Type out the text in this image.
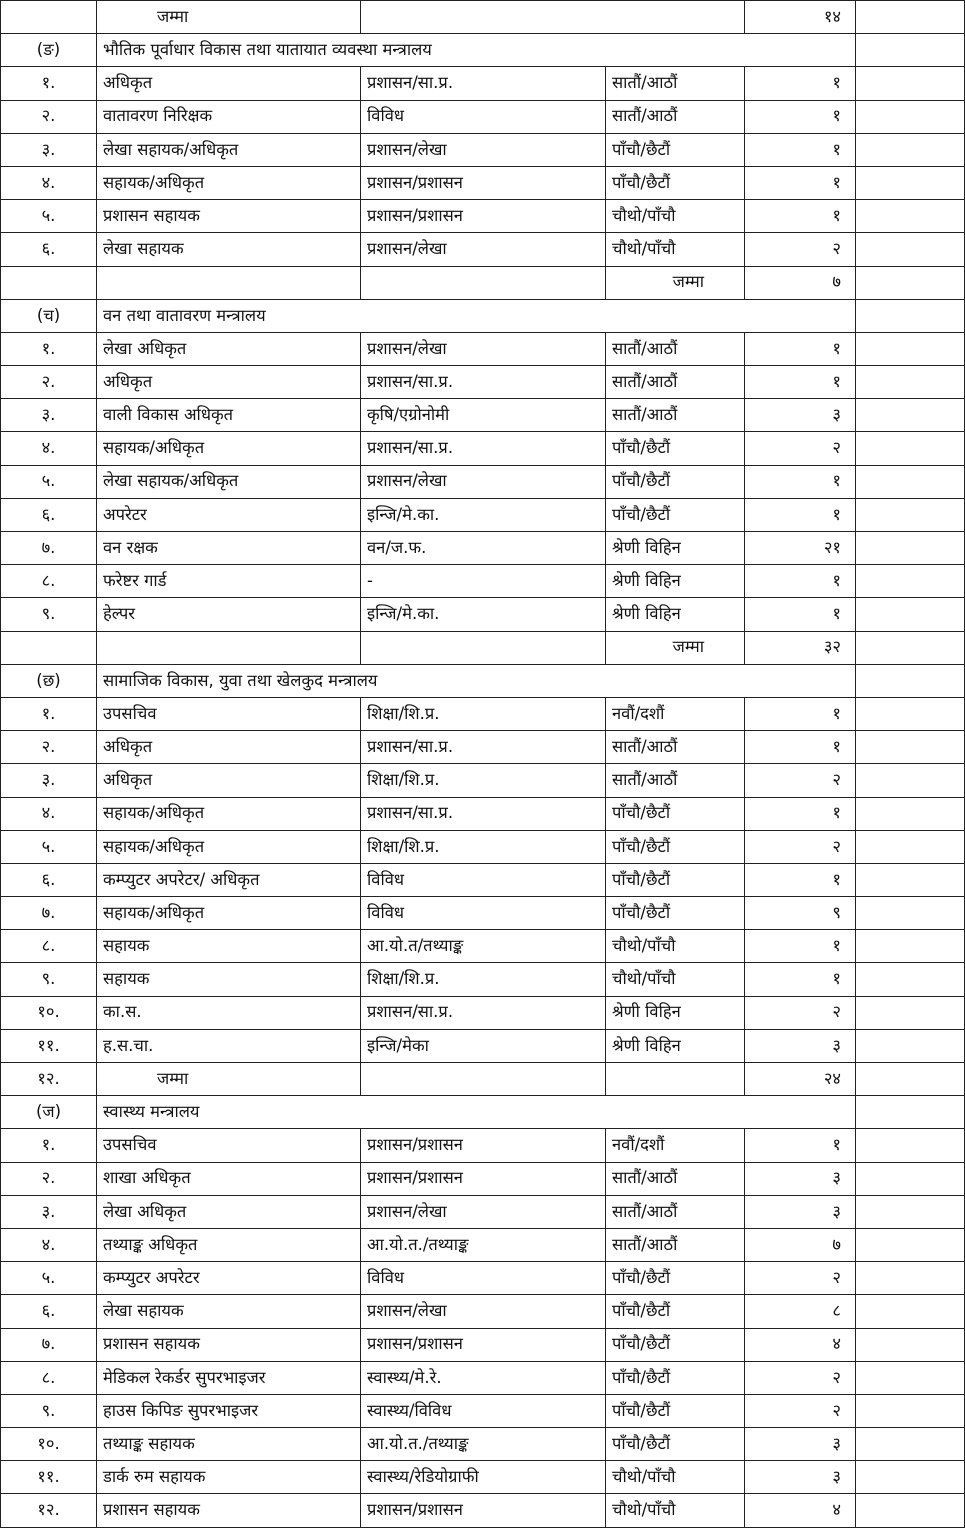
	जम्मा			१४	
(ङ)	भौतिक पूर्वाधार विकास तथा यातायात व्यवस्था मन्त्रालय				
१.	अधिकृत	प्रशासन/सा.प्र.	सातौं/आठौं	१	
२.	वातावरण निरिक्षक	विविध	सातौं/आठौं	१	
३.	लेखा सहायक/अधिकृत	प्रशासन/लेखा	पाँचौ/छैटौं	१	
४.	सहायक/अधिकृत	प्रशासन/प्रशासन	पाँचौ/छैटौं	१	
५.	प्रशासन सहायक	प्रशासन/प्रशासन	चौथो/पाँचौ	१	
६.	लेखा सहायक	प्रशासन/लेखा	चौथो/पाँचौ	२	
			जम्मा	७	
(च)	वन तथा वातावरण मन्त्रालय				
१.	लेखा अधिकृत	प्रशासन/लेखा	सातौं/आठौं	१	
२.	अधिकृत	प्रशासन/सा.प्र.	सातौं/आठौं	१	
३.	वाली विकास अधिकृत	कृषि/एग्रोनोमी	सातौं/आठौं	३	
४.	सहायक/अधिकृत	प्रशासन/सा.प्र.	पाँचौ/छैटौं	२	
५.	लेखा सहायक/अधिकृत	प्रशासन/लेखा	पाँचौ/छैटौं	१	
६.	अपरेटर	इन्जि/मे.का.	पाँचौ/छैटौं	१	
७.	वन रक्षक	वन/ज.फ.	श्रेणी विहिन	२१	
८.	फरेष्टर गार्ड	-	श्रेणी विहिन	१	
९.	हेल्पर	इन्जि/मे.का.	श्रेणी विहिन	१	
			जम्मा	३२	
(छ)	सामाजिक विकास, युवा तथा खेलकुद मन्त्रालय				
१.	उपसचिव	शिक्षा/शि.प्र.	नवौं/दशौं	१	
२.	अधिकृत	प्रशासन/सा.प्र.	सातौं/आठौं	१	
३.	अधिकृत	शिक्षा/शि.प्र.	सातौं/आठौं	२	
४.	सहायक/अधिकृत	प्रशासन/सा.प्र.	पाँचौ/छैटौं	१	
५.	सहायक/अधिकृत	शिक्षा/शि.प्र.	पाँचौ/छैटौं	२	
६.	कम्प्युटर अपरेटर/ अधिकृत	विविध	पाँचौ/छैटौं	१	
७.	सहायक/अधिकृत	विविध	पाँचौ/छैटौं	९	
८.	सहायक	आ.यो.त/तथ्याङ्क	चौथो/पाँचौ	१	
९.	सहायक	शिक्षा/शि.प्र.	चौथो/पाँचौ	१	
१०.	का.स.	प्रशासन/सा.प्र.	श्रेणी विहिन	२	
११.	ह.स.चा.	इन्जि/मेका	श्रेणी विहिन	३	
१२.	जम्मा			२४	
(ज)	स्वास्थ्य मन्त्रालय				
१.	उपसचिव	प्रशासन/प्रशासन	नवौं/दशौं	१	
२.	शाखा अधिकृत	प्रशासन/प्रशासन	सातौं/आठौं	३	
३.	लेखा अधिकृत	प्रशासन/लेखा	सातौं/आठौं	३	
४.	तथ्याङ्क अधिकृत	आ.यो.त./तथ्याङ्क	सातौं/आठौं	७	
५.	कम्प्युटर अपरेटर	विविध	पाँचौ/छैटौं	२	
६.	लेखा सहायक	प्रशासन/लेखा	पाँचौ/छैटौं	८	
७.	प्रशासन सहायक	प्रशासन/प्रशासन	पाँचौ/छैटौं	४	
८.	मेडिकल रेकर्डर सुपरभाइजर	स्वास्थ्य/मे.रे.	पाँचौ/छैटौं	२	
९.	हाउस किपिङ सुपरभाइजर	स्वास्थ्य/विविध	पाँचौ/छैटौं	२	
१०.	तथ्याङ्क सहायक	आ.यो.त./तथ्याङ्क	पाँचौ/छैटौं	३	
११.	डार्क रुम सहायक	स्वास्थ्य/रेडियोग्राफी	चौथो/पाँचौ	३	
१२.	प्रशासन सहायक	प्रशासन/प्रशासन	चौथो/पाँचौ	४	
